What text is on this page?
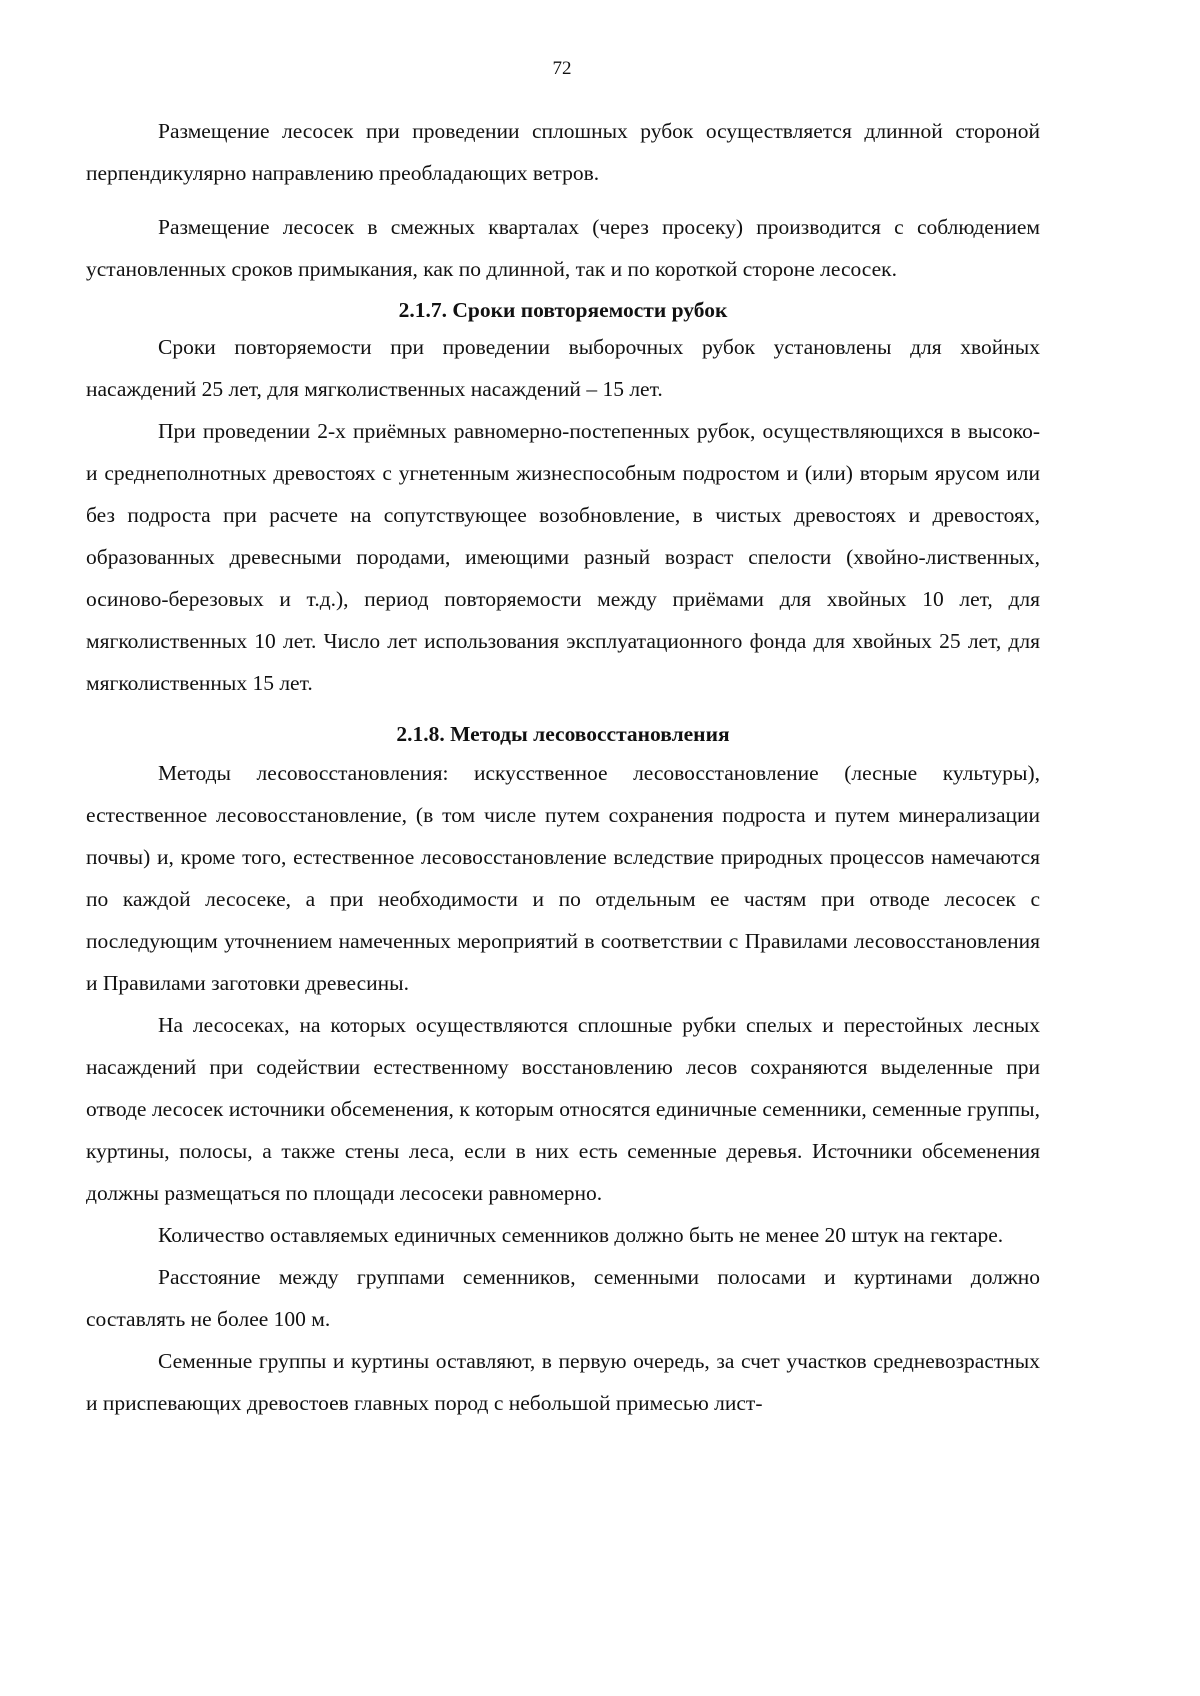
72

Размещение лесосек при проведении сплошных рубок осуществляется длинной стороной перпендикулярно направлению преобладающих ветров.

Размещение лесосек в смежных кварталах (через просеку) производится с соблюдением установленных сроков примыкания, как по длинной, так и по короткой стороне лесосек.

2.1.7. Сроки повторяемости рубок

Сроки повторяемости при проведении выборочных рубок установлены для хвойных насаждений 25 лет, для мягколиственных насаждений – 15 лет.

При проведении 2-х приёмных равномерно-постепенных рубок, осуществляющихся в высоко- и среднеполнотных древостоях с угнетенным жизнеспособным подростом и (или) вторым ярусом или без подроста при расчете на сопутствующее возобновление, в чистых древостоях и древостоях, образованных древесными породами, имеющими разный возраст спелости (хвойно-лиственных, осиново-березовых и т.д.), период повторяемости между приёмами для хвойных 10 лет, для мягколиственных 10 лет. Число лет использования эксплуатационного фонда для хвойных 25 лет, для мягколиственных 15 лет.

2.1.8. Методы лесовосстановления

Методы лесовосстановления: искусственное лесовосстановление (лесные культуры), естественное лесовосстановление, (в том числе путем сохранения подроста и путем минерализации почвы) и, кроме того, естественное лесовосстановление вследствие природных процессов намечаются по каждой лесосеке, а при необходимости и по отдельным ее частям при отводе лесосек с последующим уточнением намеченных мероприятий в соответствии с Правилами лесовосстановления и Правилами заготовки древесины.

На лесосеках, на которых осуществляются сплошные рубки спелых и перестойных лесных насаждений при содействии естественному восстановлению лесов сохраняются выделенные при отводе лесосек источники обсеменения, к которым относятся единичные семенники, семенные группы, куртины, полосы, а также стены леса, если в них есть семенные деревья. Источники обсеменения должны размещаться по площади лесосеки равномерно.

Количество оставляемых единичных семенников должно быть не менее 20 штук на гектаре.

Расстояние между группами семенников, семенными полосами и куртинами должно составлять не более 100 м.

Семенные группы и куртины оставляют, в первую очередь, за счет участков средневозрастных и приспевающих древостоев главных пород с небольшой примесью лист-
